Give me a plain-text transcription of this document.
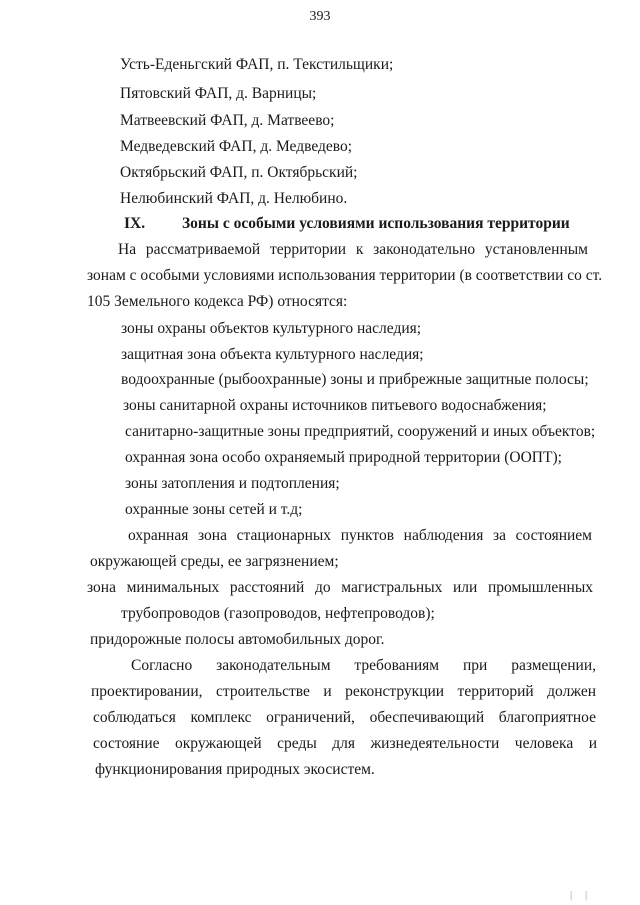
393
Усть-Еденьгский ФАП, п. Текстильщики;
Пятовский ФАП, д. Варницы;
Матвеевский ФАП, д. Матвеево;
Медведевский ФАП, д. Медведево;
Октябрьский ФАП, п. Октябрьский;
Нелюбинский ФАП, д. Нелюбино.
IX. Зоны с особыми условиями использования территории
На рассматриваемой территории к законодательно установленным
зонам с особыми условиями использования территории (в соответствии со ст.
105 Земельного кодекса РФ) относятся:
зоны охраны объектов культурного наследия;
защитная зона объекта культурного наследия;
водоохранные (рыбоохранные) зоны и прибрежные защитные полосы;
зоны санитарной охраны источников питьевого водоснабжения;
санитарно-защитные зоны предприятий, сооружений и иных объектов;
охранная зона особо охраняемый природной территории (ООПТ);
зоны затопления и подтопления;
охранные зоны сетей и т.д;
охранная зона стационарных пунктов наблюдения за состоянием
окружающей среды, ее загрязнением;
зона минимальных расстояний до магистральных или промышленных
трубопроводов (газопроводов, нефтепроводов);
придорожные полосы автомобильных дорог.
Согласно законодательным требованиям при размещении,
проектировании, строительстве и реконструкции территорий должен
соблюдаться комплекс ограничений, обеспечивающий благоприятное
состояние окружающей среды для жизнедеятельности человека и
функционирования природных экосистем.
| |
